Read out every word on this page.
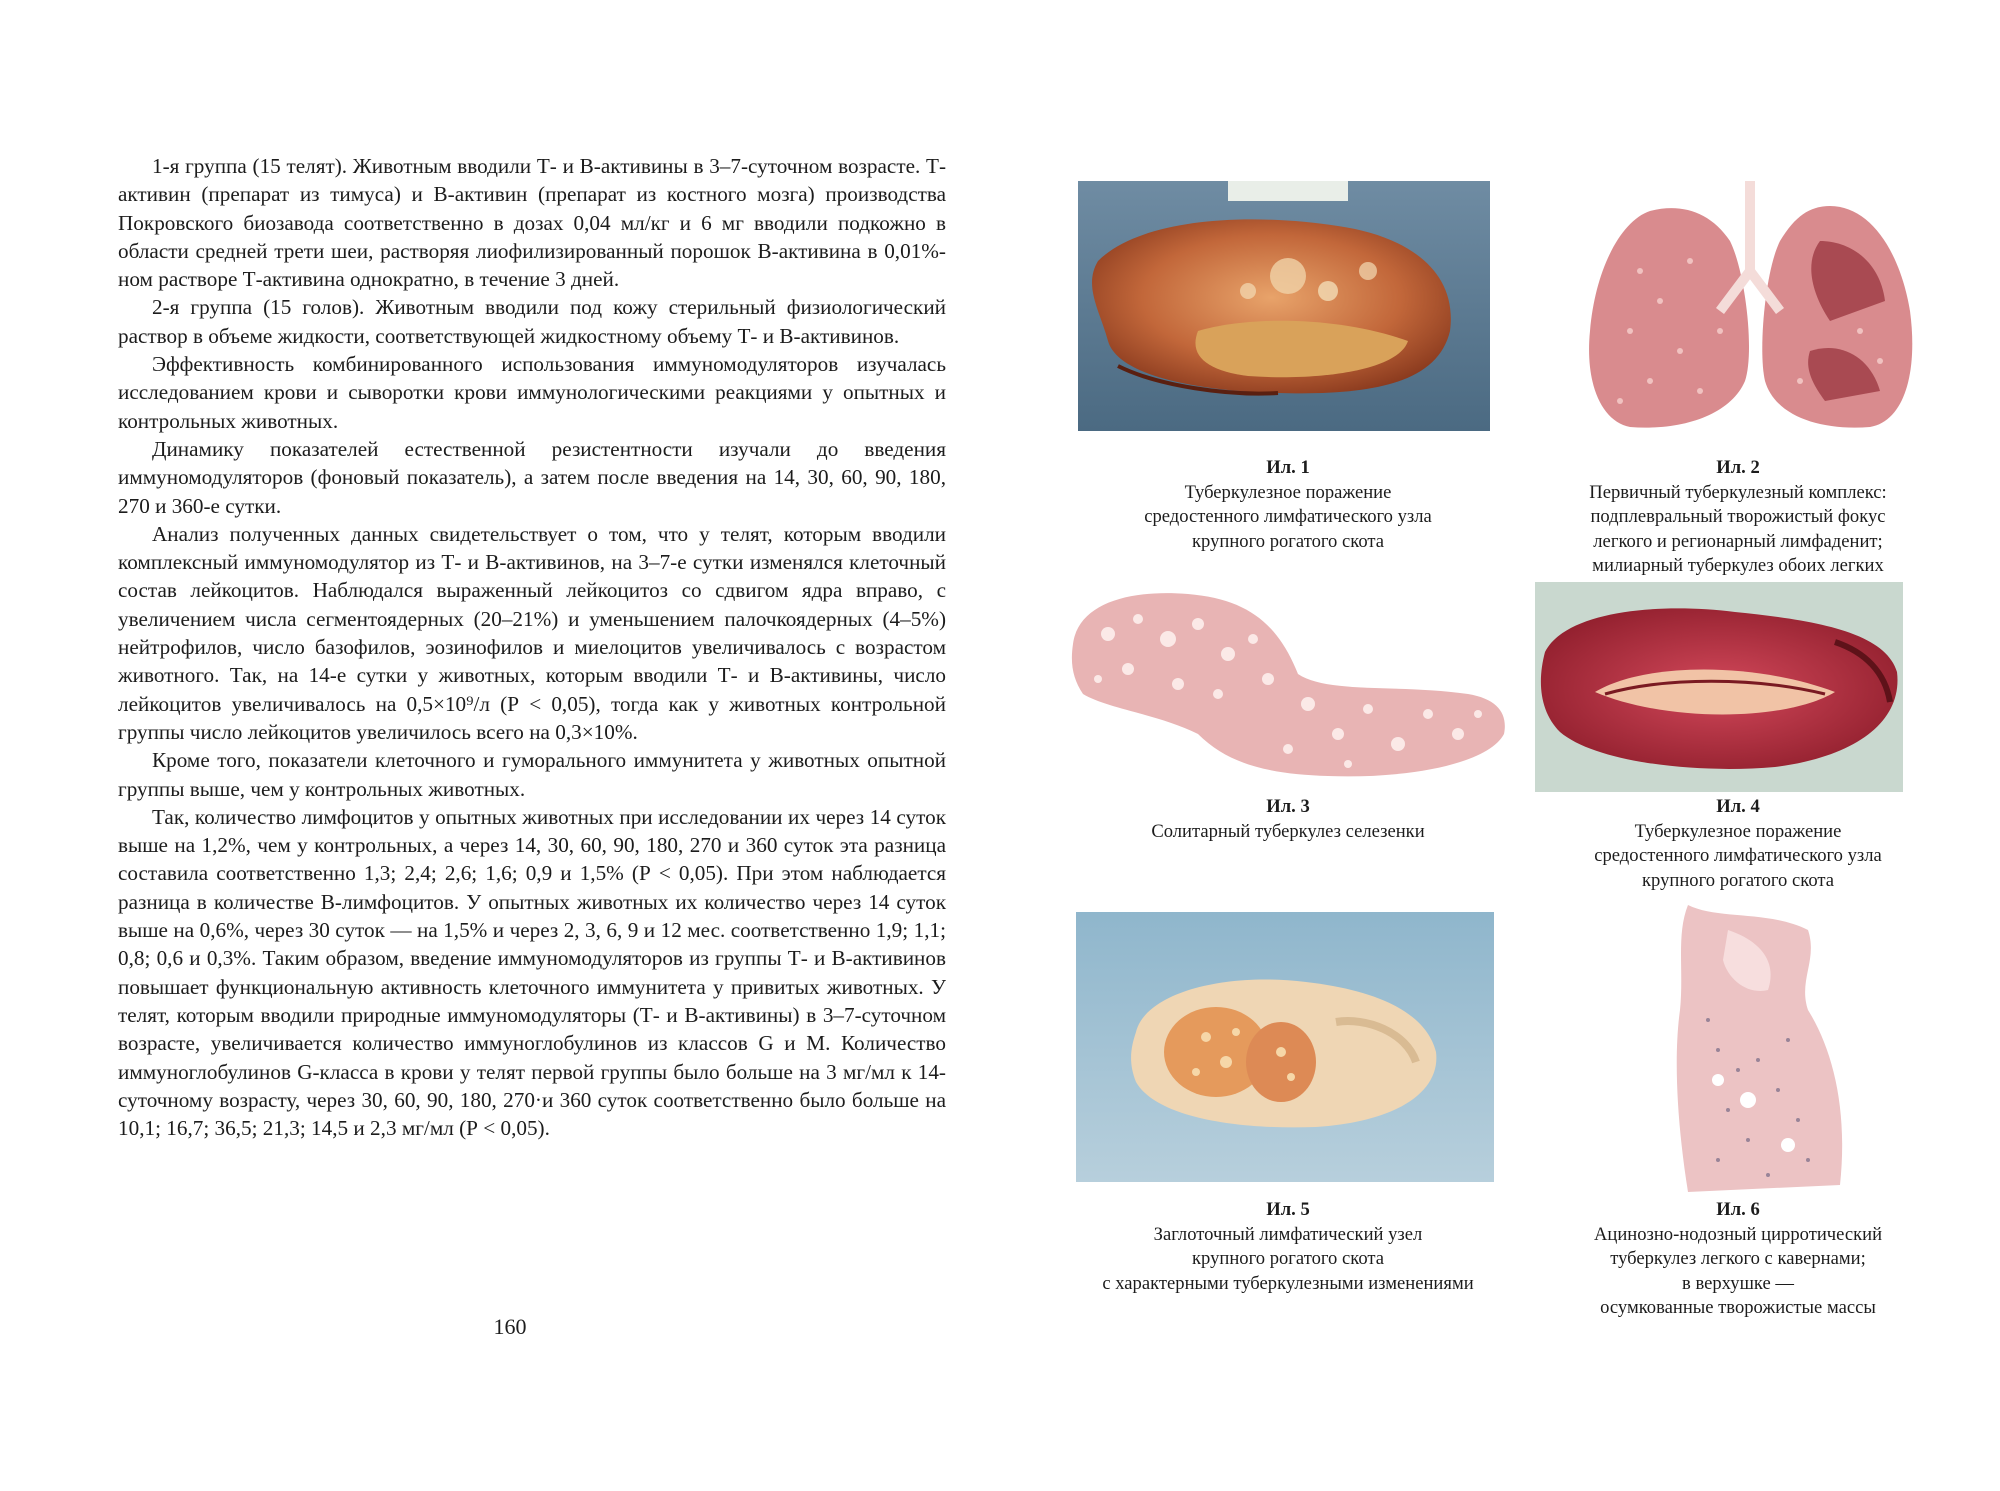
1-я группа (15 телят). Животным вводили Т- и В-активины в 3–7-суточном возрасте. Т-активин (препарат из тимуса) и В-активин (препарат из костного мозга) производства Покровского биозавода соответственно в дозах 0,04 мл/кг и 6 мг вводили подкожно в области средней трети шеи, растворяя лиофилизированный порошок В-активина в 0,01%-ном растворе Т-активина однократно, в течение 3 дней.

2-я группа (15 голов). Животным вводили под кожу стерильный физиологический раствор в объеме жидкости, соответствующей жидкостному объему Т- и В-активинов.

Эффективность комбинированного использования иммуномодуляторов изучалась исследованием крови и сыворотки крови иммунологическими реакциями у опытных и контрольных животных.

Динамику показателей естественной резистентности изучали до введения иммуномодуляторов (фоновый показатель), а затем после введения на 14, 30, 60, 90, 180, 270 и 360-е сутки.

Анализ полученных данных свидетельствует о том, что у телят, которым вводили комплексный иммуномодулятор из Т- и В-активинов, на 3–7-е сутки изменялся клеточный состав лейкоцитов. Наблюдался выраженный лейкоцитоз со сдвигом ядра вправо, с увеличением числа сегментоядерных (20–21%) и уменьшением палочкоядерных (4–5%) нейтрофилов, число базофилов, эозинофилов и миелоцитов увеличивалось с возрастом животного. Так, на 14-е сутки у животных, которым вводили Т- и В-активины, число лейкоцитов увеличивалось на 0,5×10⁹/л (Р < 0,05), тогда как у животных контрольной группы число лейкоцитов увеличилось всего на 0,3×10%.

Кроме того, показатели клеточного и гуморального иммунитета у животных опытной группы выше, чем у контрольных животных.

Так, количество лимфоцитов у опытных животных при исследовании их через 14 суток выше на 1,2%, чем у контрольных, а через 14, 30, 60, 90, 180, 270 и 360 суток эта разница составила соответственно 1,3; 2,4; 2,6; 1,6; 0,9 и 1,5% (Р < 0,05). При этом наблюдается разница в количестве В-лимфоцитов. У опытных животных их количество через 14 суток выше на 0,6%, через 30 суток — на 1,5% и через 2, 3, 6, 9 и 12 мес. соответственно 1,9; 1,1; 0,8; 0,6 и 0,3%. Таким образом, введение иммуномодуляторов из группы Т- и В-активинов повышает функциональную активность клеточного иммунитета у привитых животных. У телят, которым вводили природные иммуномодуляторы (Т- и В-активины) в 3–7-суточном возрасте, увеличивается количество иммуноглобулинов из классов G и М. Количество иммуноглобулинов G-класса в крови у телят первой группы было больше на 3 мг/мл к 14-суточному возрасту, через 30, 60, 90, 180, 270·и 360 суток соответственно было больше на 10,1; 16,7; 36,5; 21,3; 14,5 и 2,3 мг/мл (Р < 0,05).

160
Ил. 1
Туберкулезное поражение
средостенного лимфатического узла
крупного рогатого скота
Ил. 2
Первичный туберкулезный комплекс:
подплевральный творожистый фокус
легкого и регионарный лимфаденит;
милиарный туберкулез обоих легких
Ил. 3
Солитарный туберкулез селезенки
Ил. 4
Туберкулезное поражение
средостенного лимфатического узла
крупного рогатого скота
Ил. 5
Заглоточный лимфатический узел
крупного рогатого скота
с характерными туберкулезными изменениями
Ил. 6
Ацинозно-нодозный цирротический
туберкулез легкого с кавернами;
в верхушке —
осумкованные творожистые массы
